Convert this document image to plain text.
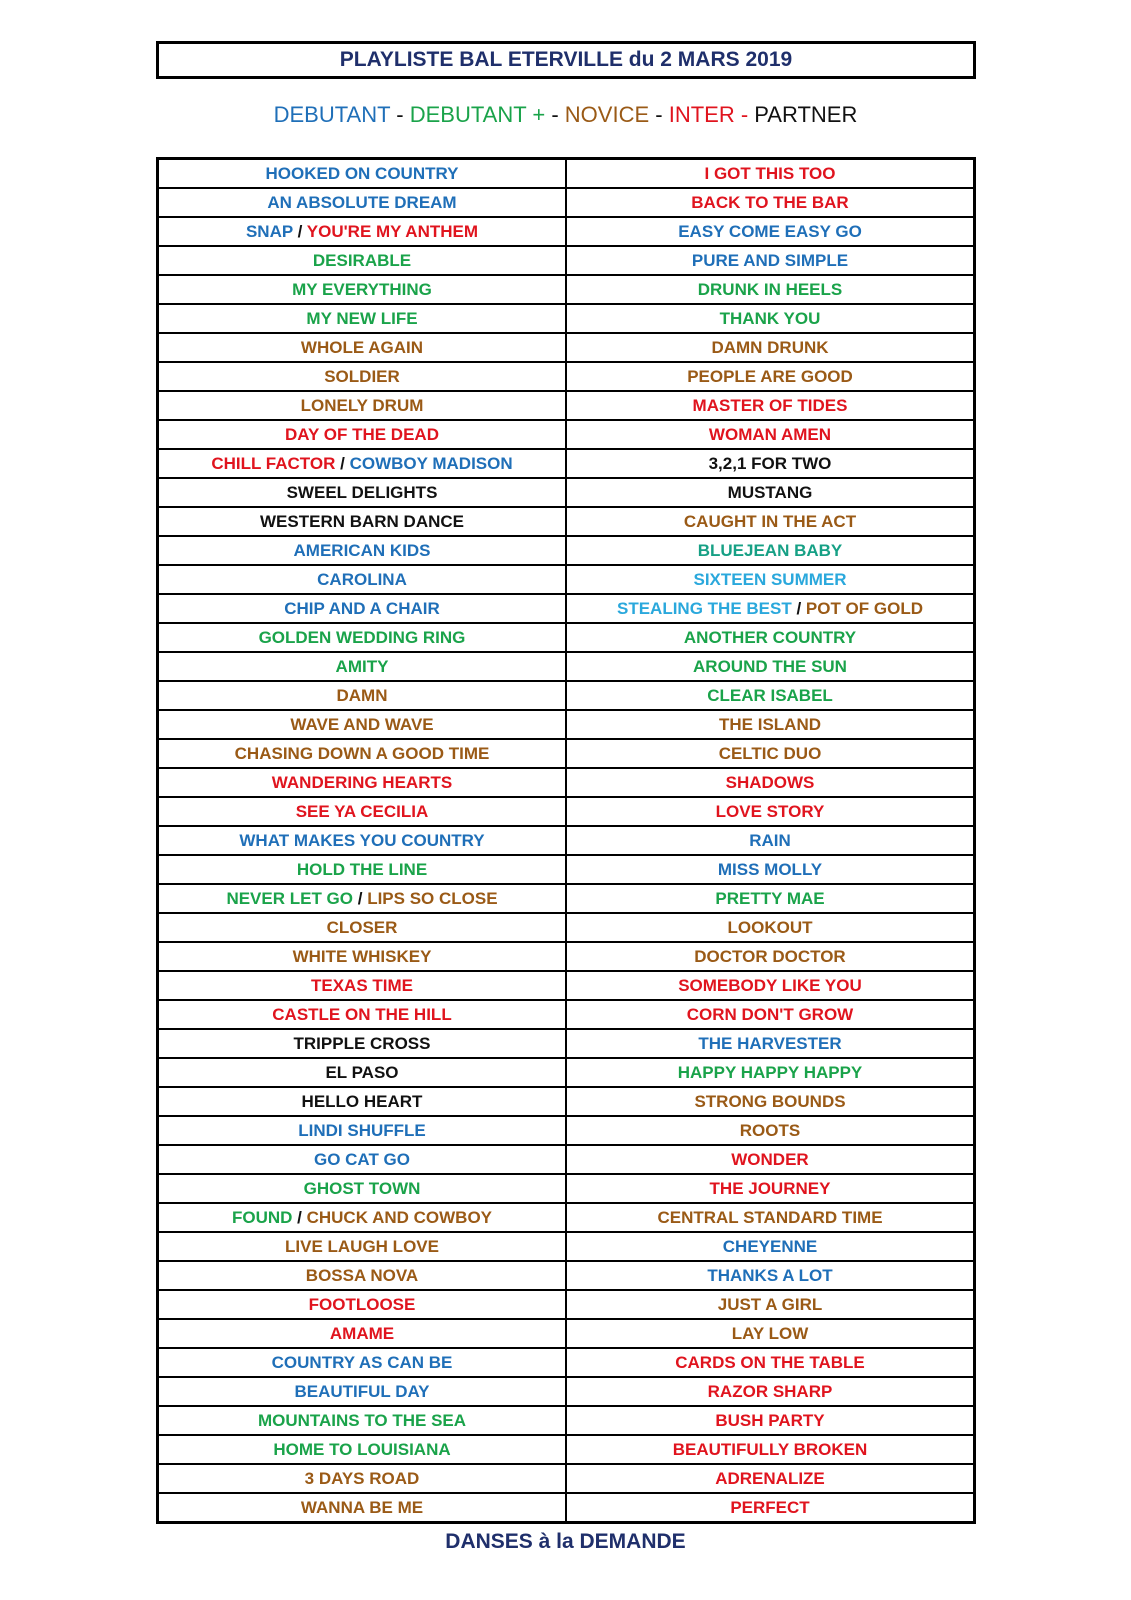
PLAYLISTE BAL ETERVILLE du 2 MARS 2019
DEBUTANT - DEBUTANT + - NOVICE - INTER - PARTNER
HOOKED ON COUNTRY	I GOT THIS TOO
AN ABSOLUTE DREAM	BACK TO THE BAR
SNAP / YOU'RE MY ANTHEM	EASY COME EASY GO
DESIRABLE	PURE AND SIMPLE
MY EVERYTHING	DRUNK IN HEELS
MY NEW LIFE	THANK YOU
WHOLE AGAIN	DAMN DRUNK
SOLDIER	PEOPLE ARE GOOD
LONELY DRUM	MASTER OF TIDES
DAY OF THE DEAD	WOMAN AMEN
CHILL FACTOR / COWBOY MADISON	3,2,1 FOR TWO
SWEEL DELIGHTS	MUSTANG
WESTERN BARN DANCE	CAUGHT IN THE ACT
AMERICAN KIDS	BLUEJEAN BABY
CAROLINA	SIXTEEN SUMMER
CHIP AND A CHAIR	STEALING THE BEST / POT OF GOLD
GOLDEN WEDDING RING	ANOTHER COUNTRY
AMITY	AROUND THE SUN
DAMN	CLEAR ISABEL
WAVE AND WAVE	THE ISLAND
CHASING DOWN A GOOD TIME	CELTIC DUO
WANDERING HEARTS	SHADOWS
SEE YA CECILIA	LOVE STORY
WHAT MAKES YOU COUNTRY	RAIN
HOLD THE LINE	MISS MOLLY
NEVER LET GO / LIPS SO CLOSE	PRETTY MAE
CLOSER	LOOKOUT
WHITE WHISKEY	DOCTOR DOCTOR
TEXAS TIME	SOMEBODY LIKE YOU
CASTLE ON THE HILL	CORN DON'T GROW
TRIPPLE CROSS	THE HARVESTER
EL PASO	HAPPY HAPPY HAPPY
HELLO HEART	STRONG BOUNDS
LINDI SHUFFLE	ROOTS
GO CAT GO	WONDER
GHOST TOWN	THE JOURNEY
FOUND / CHUCK AND COWBOY	CENTRAL STANDARD TIME
LIVE LAUGH LOVE	CHEYENNE
BOSSA NOVA	THANKS A LOT
FOOTLOOSE	JUST A GIRL
AMAME	LAY LOW
COUNTRY AS CAN BE	CARDS ON THE TABLE
BEAUTIFUL DAY	RAZOR SHARP
MOUNTAINS TO THE SEA	BUSH PARTY
HOME TO LOUISIANA	BEAUTIFULLY BROKEN
3 DAYS ROAD	ADRENALIZE
WANNA BE ME	PERFECT
DANSES à la DEMANDE
